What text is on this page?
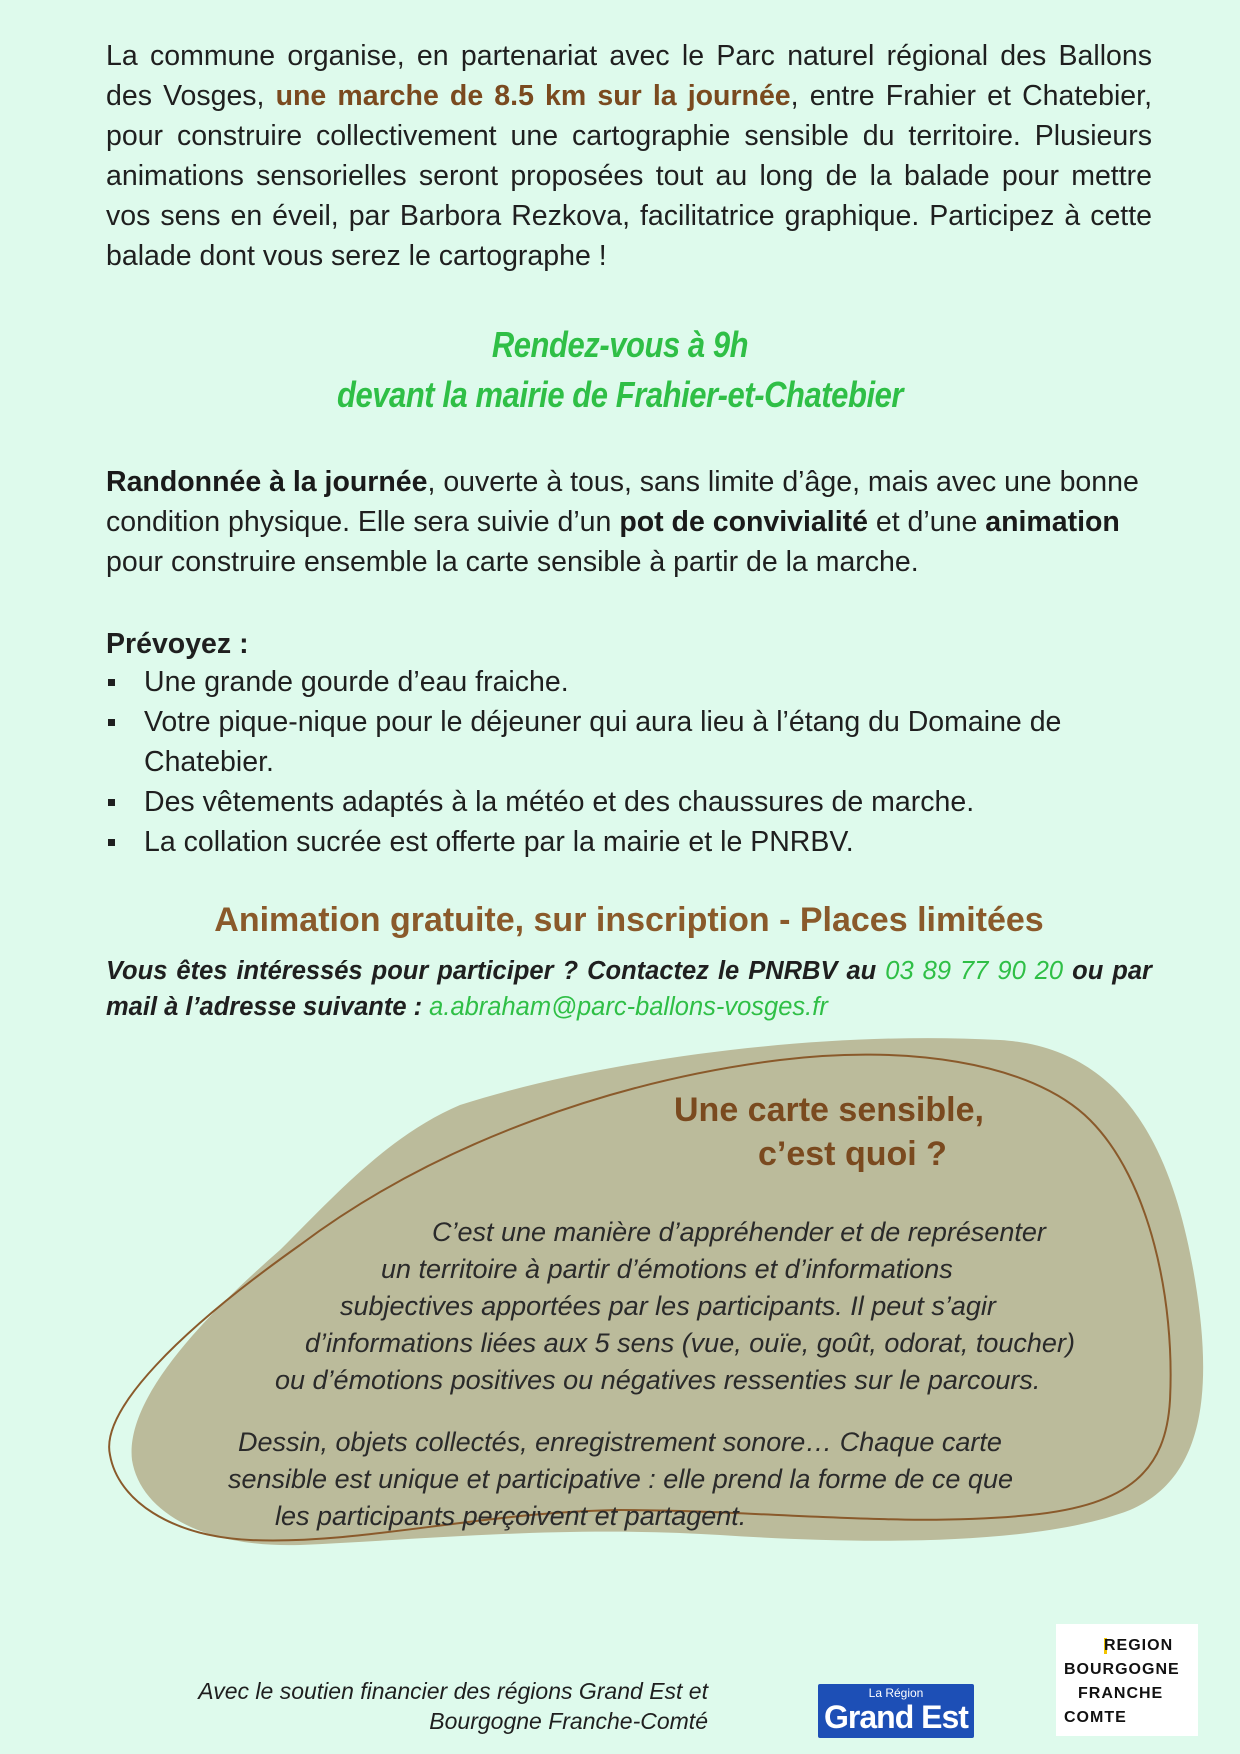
La commune organise, en partenariat avec le Parc naturel régional des Ballons des Vosges, une marche de 8.5 km sur la journée, entre Frahier et Chatebier, pour construire collectivement une cartographie sensible du territoire. Plusieurs animations sensorielles seront proposées tout au long de la balade pour mettre vos sens en éveil, par Barbora Rezkova, facilitatrice graphique. Participez à cette balade dont vous serez le cartographe !

Rendez-vous à 9h
devant la mairie de Frahier-et-Chatebier

Randonnée à la journée, ouverte à tous, sans limite d’âge, mais avec une bonne condition physique. Elle sera suivie d’un pot de convivialité et d’une animation pour construire ensemble la carte sensible à partir de la marche.

Prévoyez :

Une grande gourde d’eau fraiche.
Votre pique-nique pour le déjeuner qui aura lieu à l’étang du Domaine de Chatebier.
Des vêtements adaptés à la météo et des chaussures de marche.
La collation sucrée est offerte par la mairie et le PNRBV.
Animation gratuite, sur inscription - Places limitées

Vous êtes intéressés pour participer ? Contactez le PNRBV au 03 89 77 90 20 ou par mail à l’adresse suivante : a.abraham@parc-ballons-vosges.fr

Une carte sensible,
c’est quoi ?
C’est une manière d’appréhender et de représenter
un territoire à partir d’émotions et d’informations
subjectives apportées par les participants. Il peut s’agir
d’informations liées aux 5 sens (vue, ouïe, goût, odorat, toucher)
ou d’émotions positives ou négatives ressenties sur le parcours.
Dessin, objets collectés, enregistrement sonore… Chaque carte
sensible est unique et participative : elle prend la forme de ce que
les participants perçoivent et partagent.
Avec le soutien financier des régions Grand Est et
Bourgogne Franche-Comté
La Région
Grand Est
REGION
BOURGOGNE
FRANCHE
COMTE
